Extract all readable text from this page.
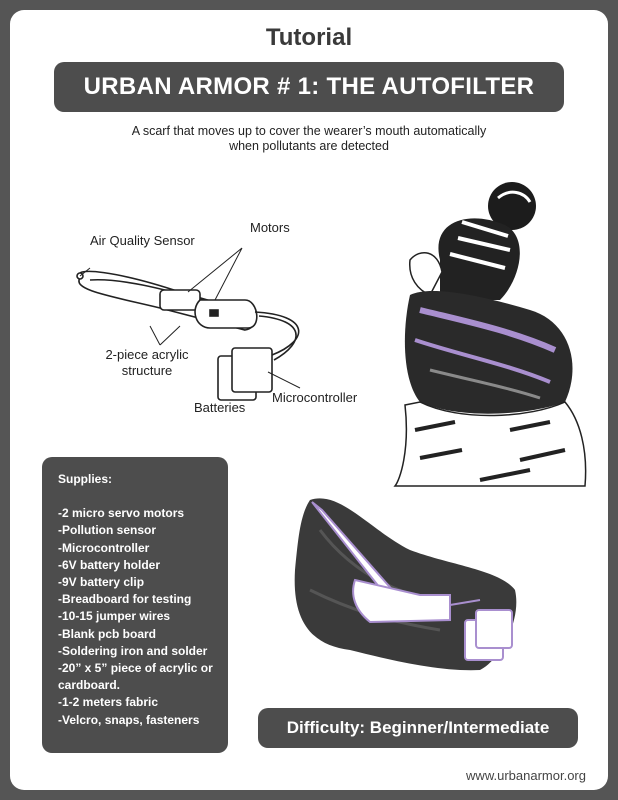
Tutorial
URBAN ARMOR # 1: THE AUTOFILTER
A scarf that moves up to cover the wearer’s mouth automatically
when pollutants are detected
Air Quality Sensor
Motors
2-piece acrylic
structure
Microcontroller
Batteries
Supplies:
-2 micro servo motors
-Pollution sensor
-Microcontroller
-6V battery holder
-9V battery clip
-Breadboard for testing
-10-15 jumper wires
-Blank pcb board
-Soldering iron and solder
-20” x 5” piece of acrylic or
cardboard.
-1-2 meters fabric
-Velcro, snaps, fasteners	Difficulty: Beginner/Intermediate
www.urbanarmor.org
